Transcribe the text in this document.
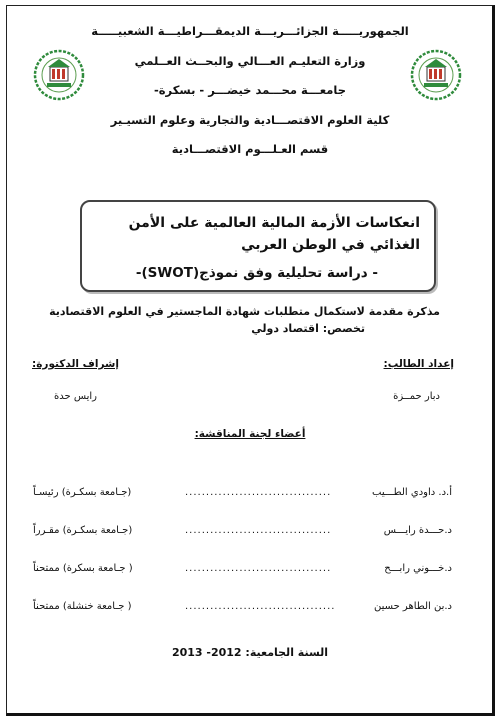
الجمهوريـــــة الجزائـــريـــة الديمقـــراطيـــة الشعبيـــــة
وزارة التعليـم العـــالي والبحــث العــلمي
جامعـــة محـــمد خيضـــر - بسكرة-
كلية العلوم الاقتصـــادية والتجارية وعلوم التسيـير
قسم العـلـــوم الاقتصـــادية
انعكاسات الأزمة المالية العالمية على الأمن الغذائي في الوطن العربي
- دراسة تحليلية وفق نموذج(SWOT)-
مذكرة مقدمة لاستكمال متطلبات شهادة الماجستير في العلوم الاقتصادية
تخصص: اقتصاد دولي
إعداد الطالب:
دبار حمــزة
إشراف الدكتورة:
رايس حدة
أعضاء لجنة المناقشة:
أ.د. داودي الطـــيب
...................................
(جـامعة بسكـرة) رئيسـاً
د.حـــدة رايـــس
...................................
(جـامعة بسكـرة) مقـرراً
د.خـــوني رابـــح
...................................
( جـامعة بسكرة) ممتحناً
د.بن الطاهر حسين
....................................
( جـامعة خنشلة) ممتحناً
السنة الجامعية: 2012- 2013
